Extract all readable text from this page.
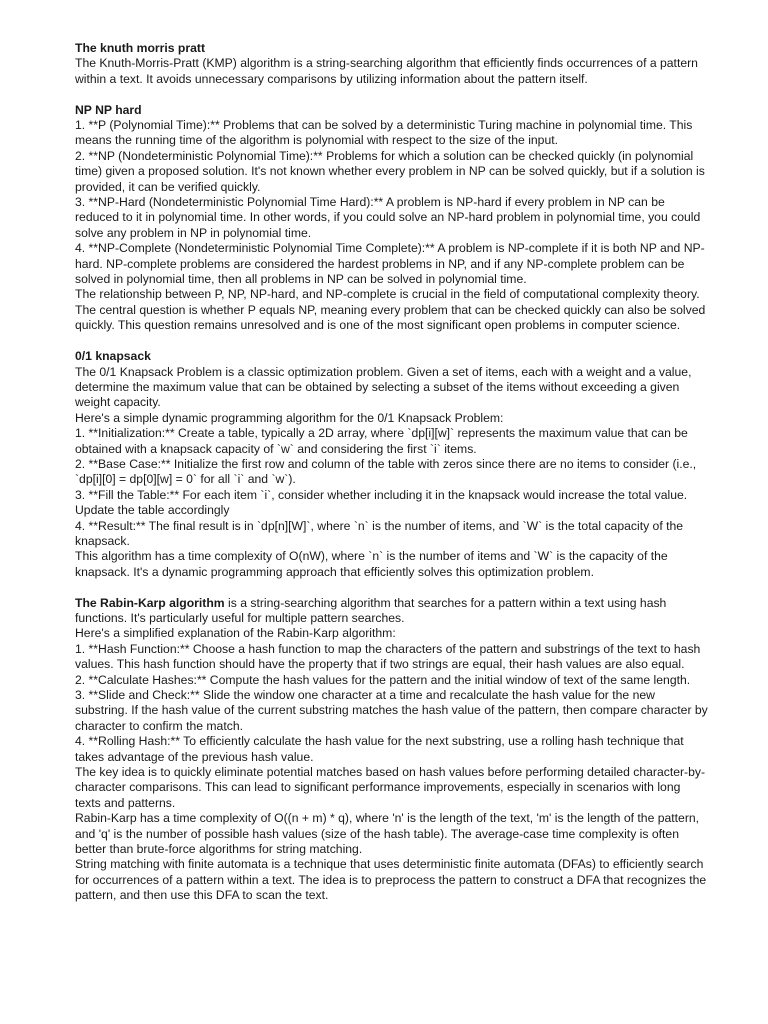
The knuth morris pratt

The Knuth-Morris-Pratt (KMP) algorithm is a string-searching algorithm that efficiently finds occurrences of a pattern within a text. It avoids unnecessary comparisons by utilizing information about the pattern itself.

NP NP hard

1. **P (Polynomial Time):** Problems that can be solved by a deterministic Turing machine in polynomial time. This means the running time of the algorithm is polynomial with respect to the size of the input.

2. **NP (Nondeterministic Polynomial Time):** Problems for which a solution can be checked quickly (in polynomial time) given a proposed solution. It's not known whether every problem in NP can be solved quickly, but if a solution is provided, it can be verified quickly.

3. **NP-Hard (Nondeterministic Polynomial Time Hard):** A problem is NP-hard if every problem in NP can be reduced to it in polynomial time. In other words, if you could solve an NP-hard problem in polynomial time, you could solve any problem in NP in polynomial time.

4. **NP-Complete (Nondeterministic Polynomial Time Complete):** A problem is NP-complete if it is both NP and NP-hard. NP-complete problems are considered the hardest problems in NP, and if any NP-complete problem can be solved in polynomial time, then all problems in NP can be solved in polynomial time.

The relationship between P, NP, NP-hard, and NP-complete is crucial in the field of computational complexity theory. The central question is whether P equals NP, meaning every problem that can be checked quickly can also be solved quickly. This question remains unresolved and is one of the most significant open problems in computer science.

0/1 knapsack

The 0/1 Knapsack Problem is a classic optimization problem. Given a set of items, each with a weight and a value, determine the maximum value that can be obtained by selecting a subset of the items without exceeding a given weight capacity.

Here's a simple dynamic programming algorithm for the 0/1 Knapsack Problem:

1. **Initialization:** Create a table, typically a 2D array, where `dp[i][w]` represents the maximum value that can be obtained with a knapsack capacity of `w` and considering the first `i` items.

2. **Base Case:** Initialize the first row and column of the table with zeros since there are no items to consider (i.e., `dp[i][0] = dp[0][w] = 0` for all `i` and `w`).

3. **Fill the Table:** For each item `i`, consider whether including it in the knapsack would increase the total value. Update the table accordingly

4. **Result:** The final result is in `dp[n][W]`, where `n` is the number of items, and `W` is the total capacity of the knapsack.

This algorithm has a time complexity of O(nW), where `n` is the number of items and `W` is the capacity of the knapsack. It's a dynamic programming approach that efficiently solves this optimization problem.

The Rabin-Karp algorithm is a string-searching algorithm that searches for a pattern within a text using hash functions. It's particularly useful for multiple pattern searches.

Here's a simplified explanation of the Rabin-Karp algorithm:

1. **Hash Function:** Choose a hash function to map the characters of the pattern and substrings of the text to hash values. This hash function should have the property that if two strings are equal, their hash values are also equal.

2. **Calculate Hashes:** Compute the hash values for the pattern and the initial window of text of the same length.

3. **Slide and Check:** Slide the window one character at a time and recalculate the hash value for the new substring. If the hash value of the current substring matches the hash value of the pattern, then compare character by character to confirm the match.

4. **Rolling Hash:** To efficiently calculate the hash value for the next substring, use a rolling hash technique that takes advantage of the previous hash value.

The key idea is to quickly eliminate potential matches based on hash values before performing detailed character-by-character comparisons. This can lead to significant performance improvements, especially in scenarios with long texts and patterns.

Rabin-Karp has a time complexity of O((n + m) * q), where 'n' is the length of the text, 'm' is the length of the pattern, and 'q' is the number of possible hash values (size of the hash table). The average-case time complexity is often better than brute-force algorithms for string matching.

String matching with finite automata is a technique that uses deterministic finite automata (DFAs) to efficiently search for occurrences of a pattern within a text. The idea is to preprocess the pattern to construct a DFA that recognizes the pattern, and then use this DFA to scan the text.
